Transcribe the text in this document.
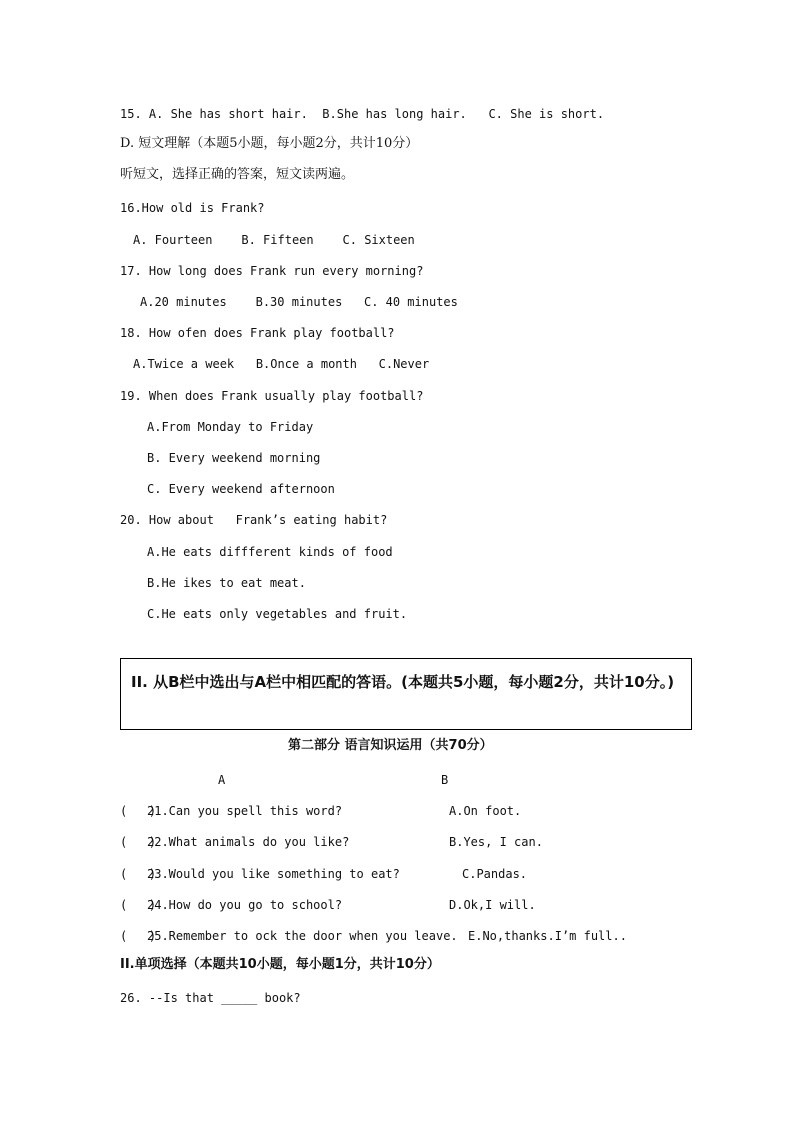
15. A. She has short hair.  B.She has long hair.   C. She is short.
D. 短文理解（本题5小题，每小题2分，共计10分）
听短文，选择正确的答案，短文读两遍。
16.How old is Frank?
A. Fourteen    B. Fifteen    C. Sixteen
17. How long does Frank run every morning?
A.20 minutes    B.30 minutes   C. 40 minutes
18. How ofen does Frank play football?
A.Twice a week   B.Once a month   C.Never
19. When does Frank usually play football?
A.From Monday to Friday
B. Every weekend morning
C. Every weekend afternoon
20. How about   Frank’s eating habit?
A.He eats diffferent kinds of food
B.He ikes to eat meat.
C.He eats only vegetables and fruit.
II. 从B栏中选出与A栏中相匹配的答语。(本题共5小题，每小题2分，共计10分。)
第二部分 语言知识运用（共70分）
A	B
(   )
21.Can you spell this word?	A.On foot.
(   )
22.What animals do you like?	B.Yes, I can.
(   )
23.Would you like something to eat?	C.Pandas.
(   )
24.How do you go to school?	D.Ok,I will.
(   )
25.Remember to ock the door when you leave. E.No,thanks.I’m full..
II.单项选择（本题共10小题，每小题1分，共计10分）
26. --Is that _____ book?
